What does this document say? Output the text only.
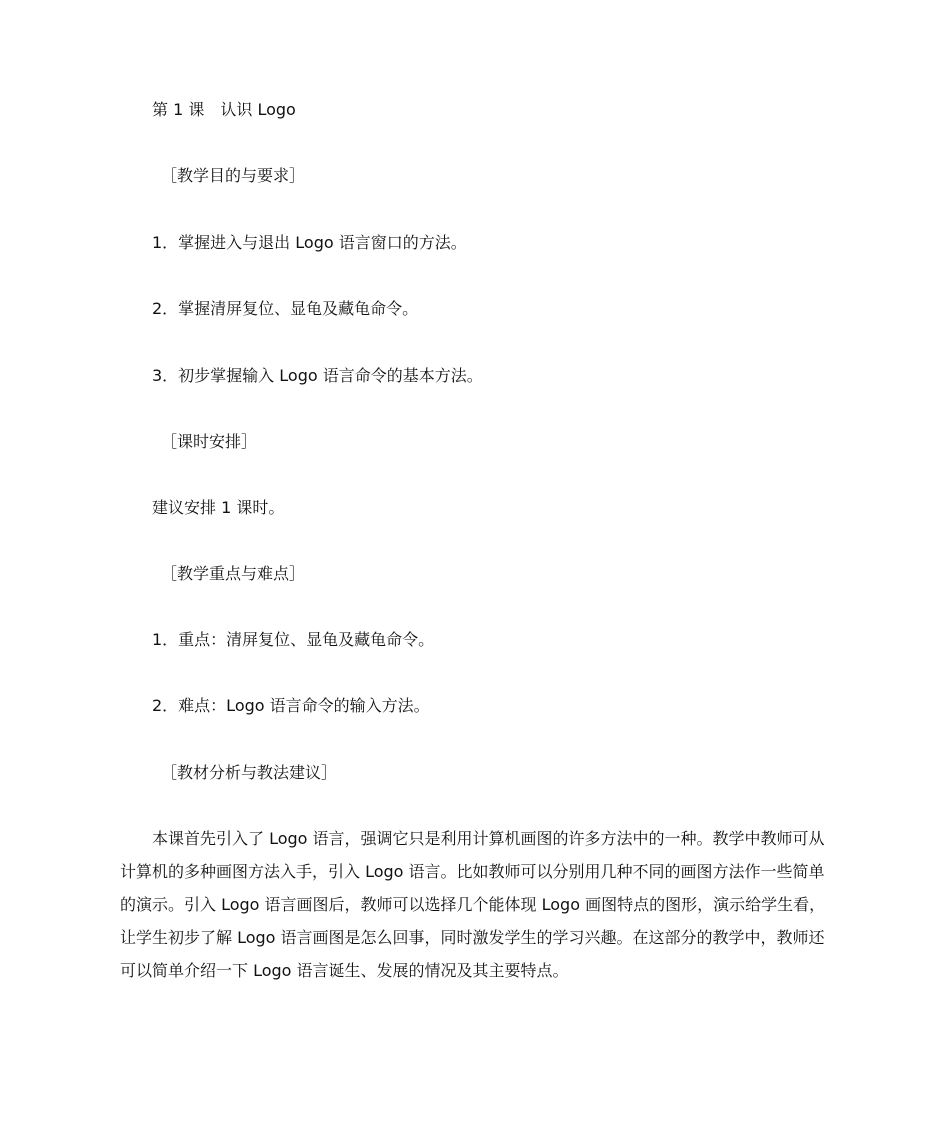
第 1 课　认识 Logo

［教学目的与要求］

1．掌握进入与退出 Logo 语言窗口的方法。

2．掌握清屏复位、显龟及藏龟命令。

3．初步掌握输入 Logo 语言命令的基本方法。

［课时安排］

建议安排 1 课时。

［教学重点与难点］

1．重点：清屏复位、显龟及藏龟命令。

2．难点：Logo 语言命令的输入方法。

［教材分析与教法建议］

本课首先引入了 Logo 语言，强调它只是利用计算机画图的许多方法中的一种。教学中教师可从
计算机的多种画图方法入手，引入 Logo 语言。比如教师可以分别用几种不同的画图方法作一些简单
的演示。引入 Logo 语言画图后，教师可以选择几个能体现 Logo 画图特点的图形，演示给学生看，
让学生初步了解 Logo 语言画图是怎么回事，同时激发学生的学习兴趣。在这部分的教学中，教师还
可以简单介绍一下 Logo 语言诞生、发展的情况及其主要特点。
